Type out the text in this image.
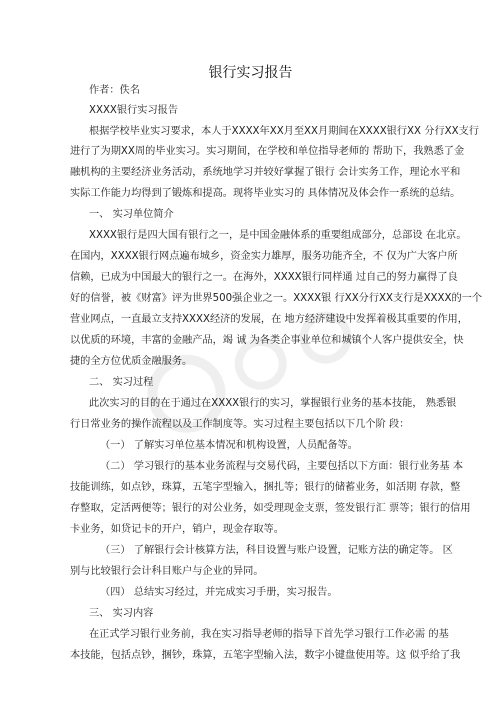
银行实习报告
作者：佚名
XXXX银行实习报告
根据学校毕业实习要求，本人于XXXX年XX月至XX月期间在XXXX银行XX 分行XX支行
进行了为期XX周的毕业实习。实习期间，在学校和单位指导老师的 帮助下，我熟悉了金
融机构的主要经济业务活动，系统地学习并较好掌握了银行 会计实务工作，理论水平和
实际工作能力均得到了锻炼和提高。现将毕业实习的 具体情况及体会作一系统的总结。
一、 实习单位简介
XXXX银行是四大国有银行之一，是中国金融体系的重要组成部分，总部设 在北京。
在国内，XXXX银行网点遍布城乡，资金实力雄厚，服务功能齐全，不 仅为广大客户所
信赖，已成为中国最大的银行之一。在海外，XXXX银行同样通 过自己的努力赢得了良
好的信誉，被《财富》评为世界500强企业之一。XXXX银 行XX分行XX支行是XXXX的一个
营业网点，一直最立支持XXXX经济的发展，在 地方经济建设中发挥着极其重要的作用，
以优质的环境，丰富的金融产品，竭 诚 为各类企事业单位和城镇个人客户提供安全，快
捷的全方位优质金融服务。
二、 实习过程
此次实习的目的在于通过在XXXX银行的实习，掌握银行业务的基本技能， 熟悉银
行日常业务的操作流程以及工作制度等。实习过程主要包括以下几个阶 段：
（一） 了解实习单位基本情况和机构设置，人员配备等。
（二） 学习银行的基本业务流程与交易代码，主要包括以下方面：银行业务基 本
技能训练，如点钞，珠算，五笔字型输入，捆扎等；银行的储蓄业务，如活期 存款，整
存整取，定活两便等；银行的对公业务，如受理现金支票，签发银行汇 票等；银行的信用
卡业务，如贷记卡的开户，销户，现金存取等。
（三） 了解银行会计核算方法，科目设置与账户设置，记账方法的确定等。 区
别与比较银行会计科目账户与企业的异同。
（四） 总结实习经过，并完成实习手册，实习报告。
三、 实习内容
在正式学习银行业务前，我在实习指导老师的指导下首先学习银行工作必需 的基
本技能，包括点钞，捆钞，珠算，五笔字型输入法，数字小键盘使用等。这 似乎给了我
